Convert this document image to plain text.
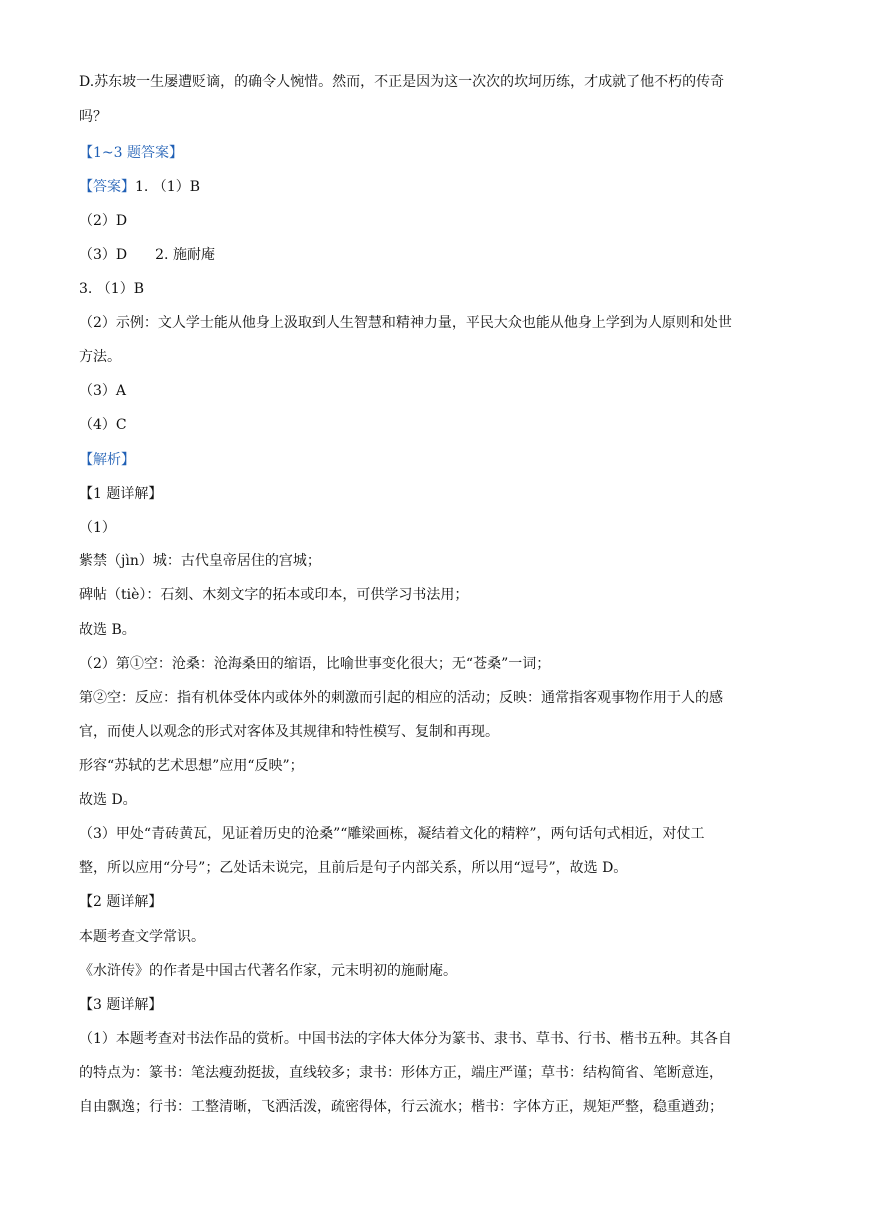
D.苏东坡一生屡遭贬谪，的确令人惋惜。然而，不正是因为这一次次的坎坷历练，才成就了他不朽的传奇
吗？
【1~3 题答案】
【答案】1. （1）B
（2）D
（3）D　　2. 施耐庵
3. （1）B
（2）示例：文人学士能从他身上汲取到人生智慧和精神力量，平民大众也能从他身上学到为人原则和处世
方法。
（3）A
（4）C
【解析】
【1 题详解】
（1）
紫禁（jìn）城：古代皇帝居住的宫城；
碑帖（tiè）：石刻、木刻文字的拓本或印本，可供学习书法用；
故选 B。
（2）第①空：沧桑：沧海桑田的缩语，比喻世事变化很大；无“苍桑”一词；
第②空：反应：指有机体受体内或体外的刺激而引起的相应的活动；反映：通常指客观事物作用于人的感
官，而使人以观念的形式对客体及其规律和特性模写、复制和再现。
形容“苏轼的艺术思想”应用“反映”；
故选 D。
（3）甲处“青砖黄瓦，见证着历史的沧桑”“雕梁画栋，凝结着文化的精粹”，两句话句式相近，对仗工
整，所以应用“分号”；乙处话未说完，且前后是句子内部关系，所以用“逗号”，故选 D。
【2 题详解】
本题考查文学常识。
《水浒传》的作者是中国古代著名作家，元末明初的施耐庵。
【3 题详解】
（1）本题考查对书法作品的赏析。中国书法的字体大体分为篆书、隶书、草书、行书、楷书五种。其各自
的特点为：篆书：笔法瘦劲挺拔，直线较多；隶书：形体方正，端庄严谨；草书：结构简省、笔断意连，
自由飘逸；行书：工整清晰，飞洒活泼，疏密得体，行云流水；楷书：字体方正，规矩严整，稳重遒劲；
